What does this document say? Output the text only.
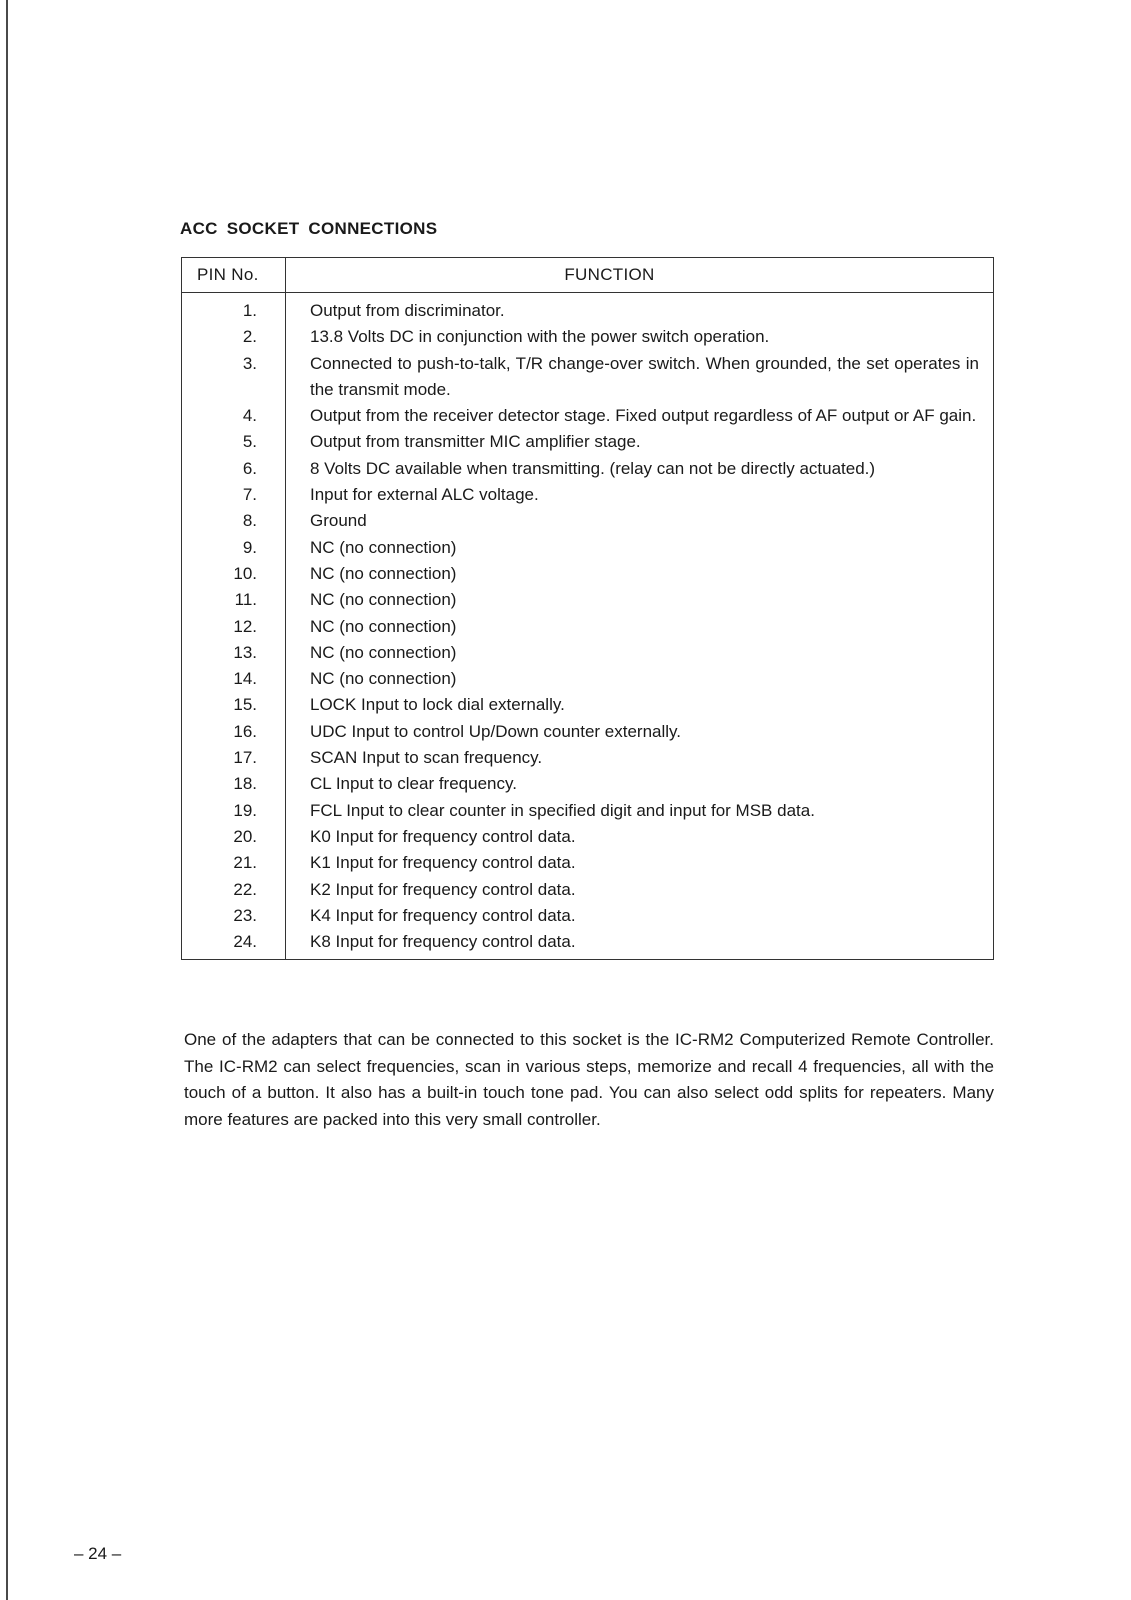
ACC SOCKET CONNECTIONS
PIN No.	FUNCTION
1.	Output from discriminator.
2.	13.8 Volts DC in conjunction with the power switch operation.
3.	Connected to push-to-talk, T/R change-over switch. When grounded, the set operates in the transmit mode.
4.	Output from the receiver detector stage. Fixed output regardless of AF output or AF gain.
5.	Output from transmitter MIC amplifier stage.
6.	8 Volts DC available when transmitting. (relay can not be directly actuated.)
7.	Input for external ALC voltage.
8.	Ground
9.	NC (no connection)
10.	NC (no connection)
11.	NC (no connection)
12.	NC (no connection)
13.	NC (no connection)
14.	NC (no connection)
15.	LOCK Input to lock dial externally.
16.	UDC Input to control Up/Down counter externally.
17.	SCAN Input to scan frequency.
18.	CL Input to clear frequency.
19.	FCL Input to clear counter in specified digit and input for MSB data.
20.	K0 Input for frequency control data.
21.	K1 Input for frequency control data.
22.	K2 Input for frequency control data.
23.	K4 Input for frequency control data.
24.	K8 Input for frequency control data.
One of the adapters that can be connected to this socket is the IC-RM2 Computerized Remote Controller. The IC-RM2 can select frequencies, scan in various steps, memorize and recall 4 frequencies, all with the touch of a button. It also has a built-in touch tone pad. You can also select odd splits for repeaters. Many more features are packed into this very small controller.
– 24 –
